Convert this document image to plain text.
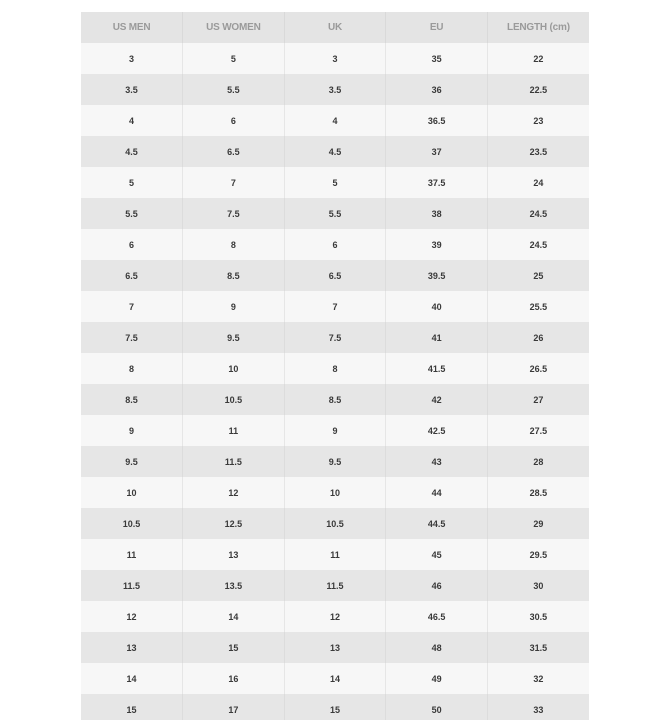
US MEN	US WOMEN	UK	EU	LENGTH (cm)
3	5	3	35	22
3.5	5.5	3.5	36	22.5
4	6	4	36.5	23
4.5	6.5	4.5	37	23.5
5	7	5	37.5	24
5.5	7.5	5.5	38	24.5
6	8	6	39	24.5
6.5	8.5	6.5	39.5	25
7	9	7	40	25.5
7.5	9.5	7.5	41	26
8	10	8	41.5	26.5
8.5	10.5	8.5	42	27
9	11	9	42.5	27.5
9.5	11.5	9.5	43	28
10	12	10	44	28.5
10.5	12.5	10.5	44.5	29
11	13	11	45	29.5
11.5	13.5	11.5	46	30
12	14	12	46.5	30.5
13	15	13	48	31.5
14	16	14	49	32
15	17	15	50	33
